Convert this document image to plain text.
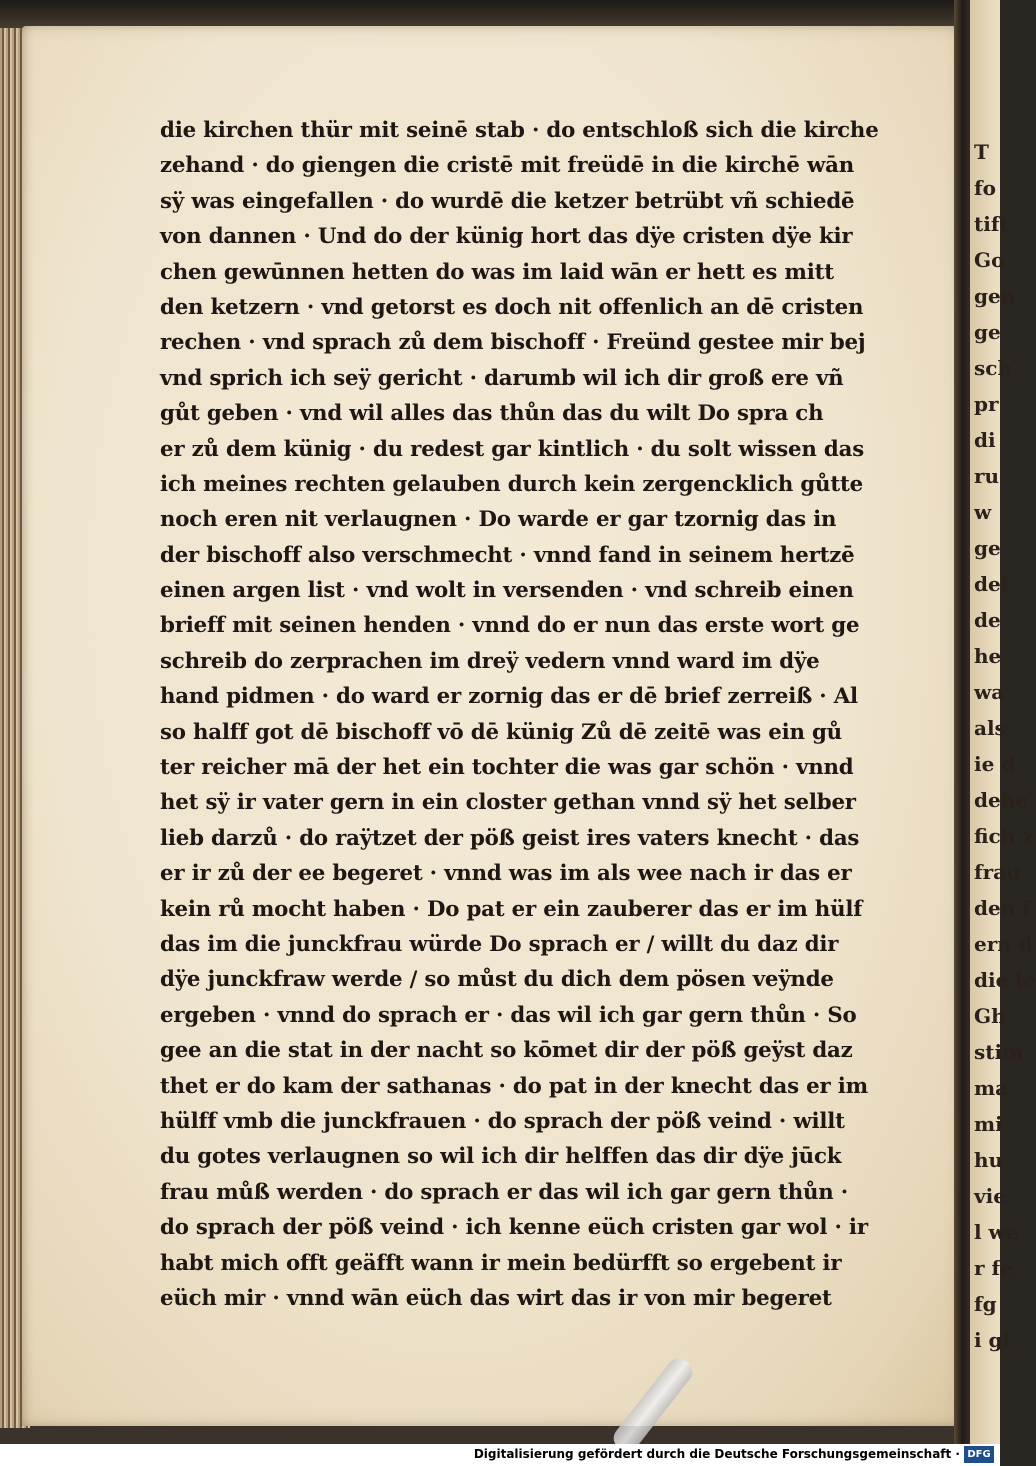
T
fo
tift
Go
gen
ge
sch
pr
di
ru
w
ge
del
de
he
wa
als
ie d
dehe
fich z
frau
den f
ern d
die le
Gh
stim
ma
mi
hu
vie
l we
r fe
fg
i gi
die kirchen thür mit seinē stab · do entschloß sich die kirche
zehand · do giengen die cristē mit freüdē in die kirchē wān
sÿ was eingefallen · do wurdē die ketzer betrübt vñ schiedē
von dannen · Und do der künig hort das dÿe cristen dÿe kir
chen gewūnnen hetten do was im laid wān er hett es mitt
den ketzern · vnd getorst es doch nit offenlich an dē cristen
rechen · vnd sprach zů dem bischoff · Freünd gestee mir bej
vnd sprich ich seÿ gericht · darumb wil ich dir groß ere vñ
gůt geben · vnd wil alles das thůn das du wilt Do spra ch
er zů dem künig · du redest gar kintlich · du solt wissen das
ich meines rechten gelauben durch kein zergencklich gůtte
noch eren nit verlaugnen · Do warde er gar tzornig das in
der bischoff also verschmecht · vnnd fand in seinem hertzē
einen argen list · vnd wolt in versenden · vnd schreib einen
brieff mit seinen henden · vnnd do er nun das erste wort ge
schreib do zerprachen im dreÿ vedern vnnd ward im dÿe
hand pidmen · do ward er zornig das er dē brief zerreiß · Al
so halff got dē bischoff vō dē künig Zů dē zeitē was ein gů
ter reicher mā der het ein tochter die was gar schön · vnnd
het sÿ ir vater gern in ein closter gethan vnnd sÿ het selber
lieb darzů · do raÿtzet der pöß geist ires vaters knecht · das
er ir zů der ee begeret · vnnd was im als wee nach ir das er
kein rů mocht haben · Do pat er ein zauberer das er im hülf
das im die junckfrau würde Do sprach er / willt du daz dir
dÿe junckfraw werde / so můst du dich dem pösen veÿnde
ergeben · vnnd do sprach er · das wil ich gar gern thůn · So
gee an die stat in der nacht so kōmet dir der pöß geÿst daz
thet er do kam der sathanas · do pat in der knecht das er im
hülff vmb die junckfrauen · do sprach der pöß veind · willt
du gotes verlaugnen so wil ich dir helffen das dir dÿe jūck
frau můß werden · do sprach er das wil ich gar gern thůn ·
do sprach der pöß veind · ich kenne eüch cristen gar wol · ir
habt mich offt geäfft wann ir mein bedürfft so ergebent ir
eüch mir · vnnd wān eüch das wirt das ir von mir begeret
Digitalisierung gefördert durch die Deutsche Forschungsgemeinschaft · DFG
